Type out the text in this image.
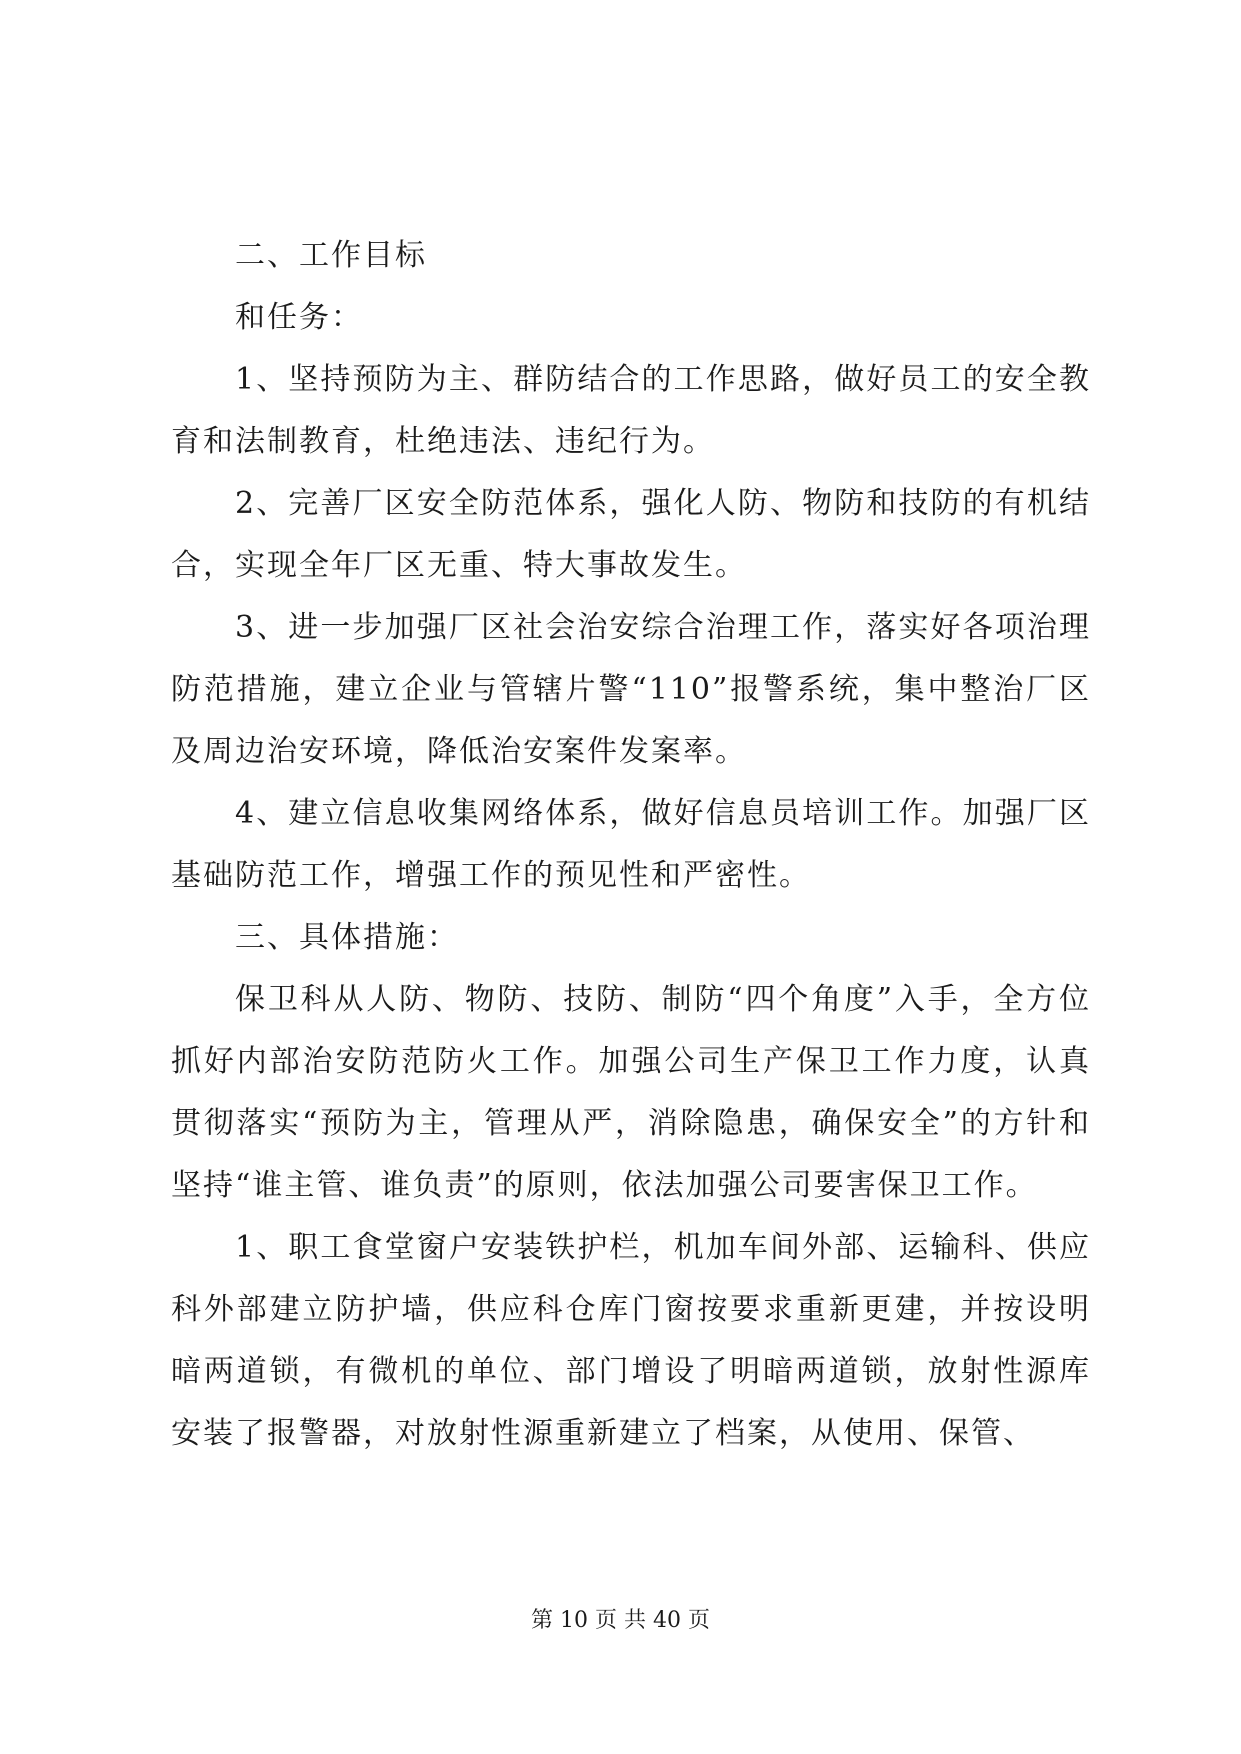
二、工作目标

和任务：

1、坚持预防为主、群防结合的工作思路，做好员工的安全教育和法制教育，杜绝违法、违纪行为。

2、完善厂区安全防范体系，强化人防、物防和技防的有机结合，实现全年厂区无重、特大事故发生。

3、进一步加强厂区社会治安综合治理工作，落实好各项治理防范措施，建立企业与管辖片警“110”报警系统，集中整治厂区及周边治安环境，降低治安案件发案率。

4、建立信息收集网络体系，做好信息员培训工作。加强厂区基础防范工作，增强工作的预见性和严密性。

三、具体措施：

保卫科从人防、物防、技防、制防“四个角度”入手，全方位抓好内部治安防范防火工作。加强公司生产保卫工作力度，认真贯彻落实“预防为主，管理从严，消除隐患，确保安全”的方针和坚持“谁主管、谁负责”的原则，依法加强公司要害保卫工作。

1、职工食堂窗户安装铁护栏，机加车间外部、运输科、供应科外部建立防护墙，供应科仓库门窗按要求重新更建，并按设明暗两道锁，有微机的单位、部门增设了明暗两道锁，放射性源库安装了报警器，对放射性源重新建立了档案，从使用、保管、

第 10 页 共 40 页
